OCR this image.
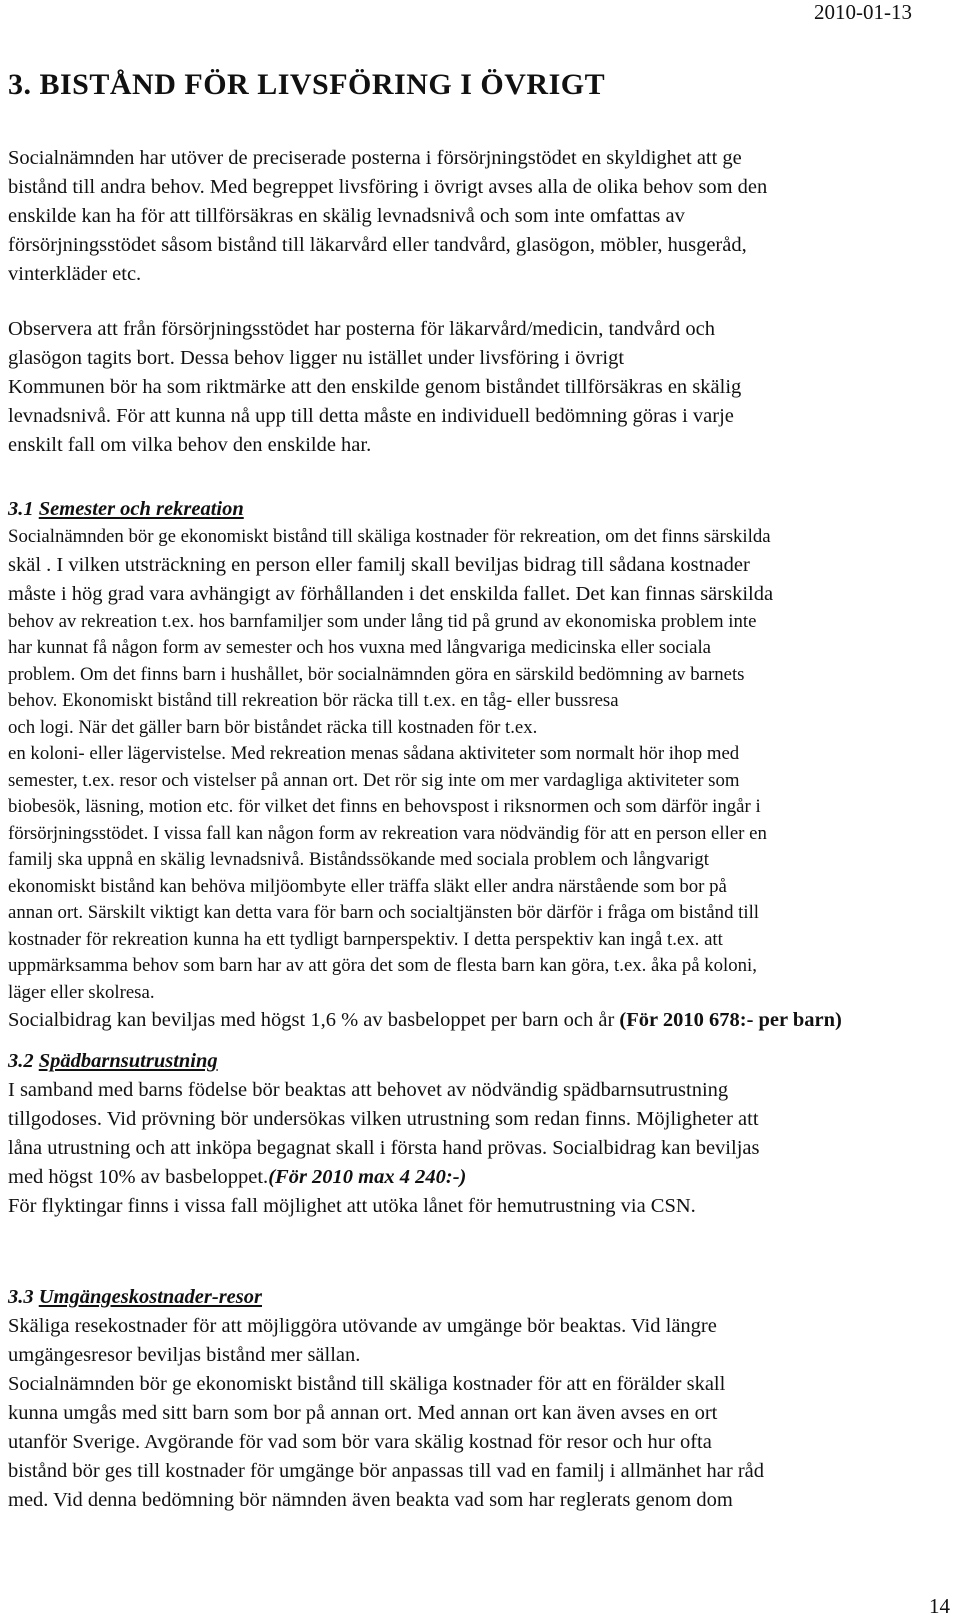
2010-01-13
3. BISTÅND FÖR LIVSFÖRING I ÖVRIGT
Socialnämnden har utöver de preciserade posterna i försörjningstödet en skyldighet att ge
bistånd till andra behov. Med begreppet livsföring i övrigt avses alla de olika behov som den
enskilde kan ha för att tillförsäkras en skälig levnadsnivå och som inte omfattas av
försörjningsstödet såsom bistånd till läkarvård eller tandvård, glasögon, möbler, husgeråd,
vinterkläder etc.
Observera att från försörjningsstödet har posterna för läkarvård/medicin, tandvård och
glasögon tagits bort. Dessa behov ligger nu istället under livsföring i övrigt
Kommunen bör ha som riktmärke att den enskilde genom biståndet tillförsäkras en skälig
levnadsnivå. För att kunna nå upp till detta måste en individuell bedömning göras i varje
enskilt fall om vilka behov den enskilde har.
3.1 Semester och rekreation
Socialnämnden bör ge ekonomiskt bistånd till skäliga kostnader för rekreation, om det finns särskilda
skäl . I vilken utsträckning en person eller familj skall beviljas bidrag till sådana kostnader
måste i hög grad vara avhängigt av förhållanden i det enskilda fallet. Det kan finnas särskilda
behov av rekreation t.ex. hos barnfamiljer som under lång tid på grund av ekonomiska problem inte
har kunnat få någon form av semester och hos vuxna med långvariga medicinska eller sociala
problem. Om det finns barn i hushållet, bör socialnämnden göra en särskild bedömning av barnets
behov. Ekonomiskt bistånd till rekreation bör räcka till t.ex. en tåg- eller bussresa
och logi. När det gäller barn bör biståndet räcka till kostnaden för t.ex.
en koloni- eller lägervistelse. Med rekreation menas sådana aktiviteter som normalt hör ihop med
semester, t.ex. resor och vistelser på annan ort. Det rör sig inte om mer vardagliga aktiviteter som
biobesök, läsning, motion etc. för vilket det finns en behovspost i riksnormen och som därför ingår i
försörjningsstödet. I vissa fall kan någon form av rekreation vara nödvändig för att en person eller en
familj ska uppnå en skälig levnadsnivå. Biståndssökande med sociala problem och långvarigt
ekonomiskt bistånd kan behöva miljöombyte eller träffa släkt eller andra närstående som bor på
annan ort. Särskilt viktigt kan detta vara för barn och socialtjänsten bör därför i fråga om bistånd till
kostnader för rekreation kunna ha ett tydligt barnperspektiv. I detta perspektiv kan ingå t.ex. att
uppmärksamma behov som barn har av att göra det som de flesta barn kan göra, t.ex. åka på koloni,
läger eller skolresa.
Socialbidrag kan beviljas med högst 1,6 % av basbeloppet per barn och år (För 2010 678:- per barn)
3.2 Spädbarnsutrustning
I samband med barns födelse bör beaktas att behovet av nödvändig spädbarnsutrustning
tillgodoses. Vid prövning bör undersökas vilken utrustning som redan finns. Möjligheter att
låna utrustning och att inköpa begagnat skall i första hand prövas. Socialbidrag kan beviljas
med högst 10% av basbeloppet.(För 2010 max 4 240:-)
För flyktingar finns i vissa fall möjlighet att utöka lånet för hemutrustning via CSN.
3.3 Umgängeskostnader-resor
Skäliga resekostnader för att möjliggöra utövande av umgänge bör beaktas. Vid längre
umgängesresor beviljas bistånd mer sällan.
Socialnämnden bör ge ekonomiskt bistånd till skäliga kostnader för att en förälder skall
kunna umgås med sitt barn som bor på annan ort. Med annan ort kan även avses en ort
utanför Sverige. Avgörande för vad som bör vara skälig kostnad för resor och hur ofta
bistånd bör ges till kostnader för umgänge bör anpassas till vad en familj i allmänhet har råd
med. Vid denna bedömning bör nämnden även beakta vad som har reglerats genom dom
14
